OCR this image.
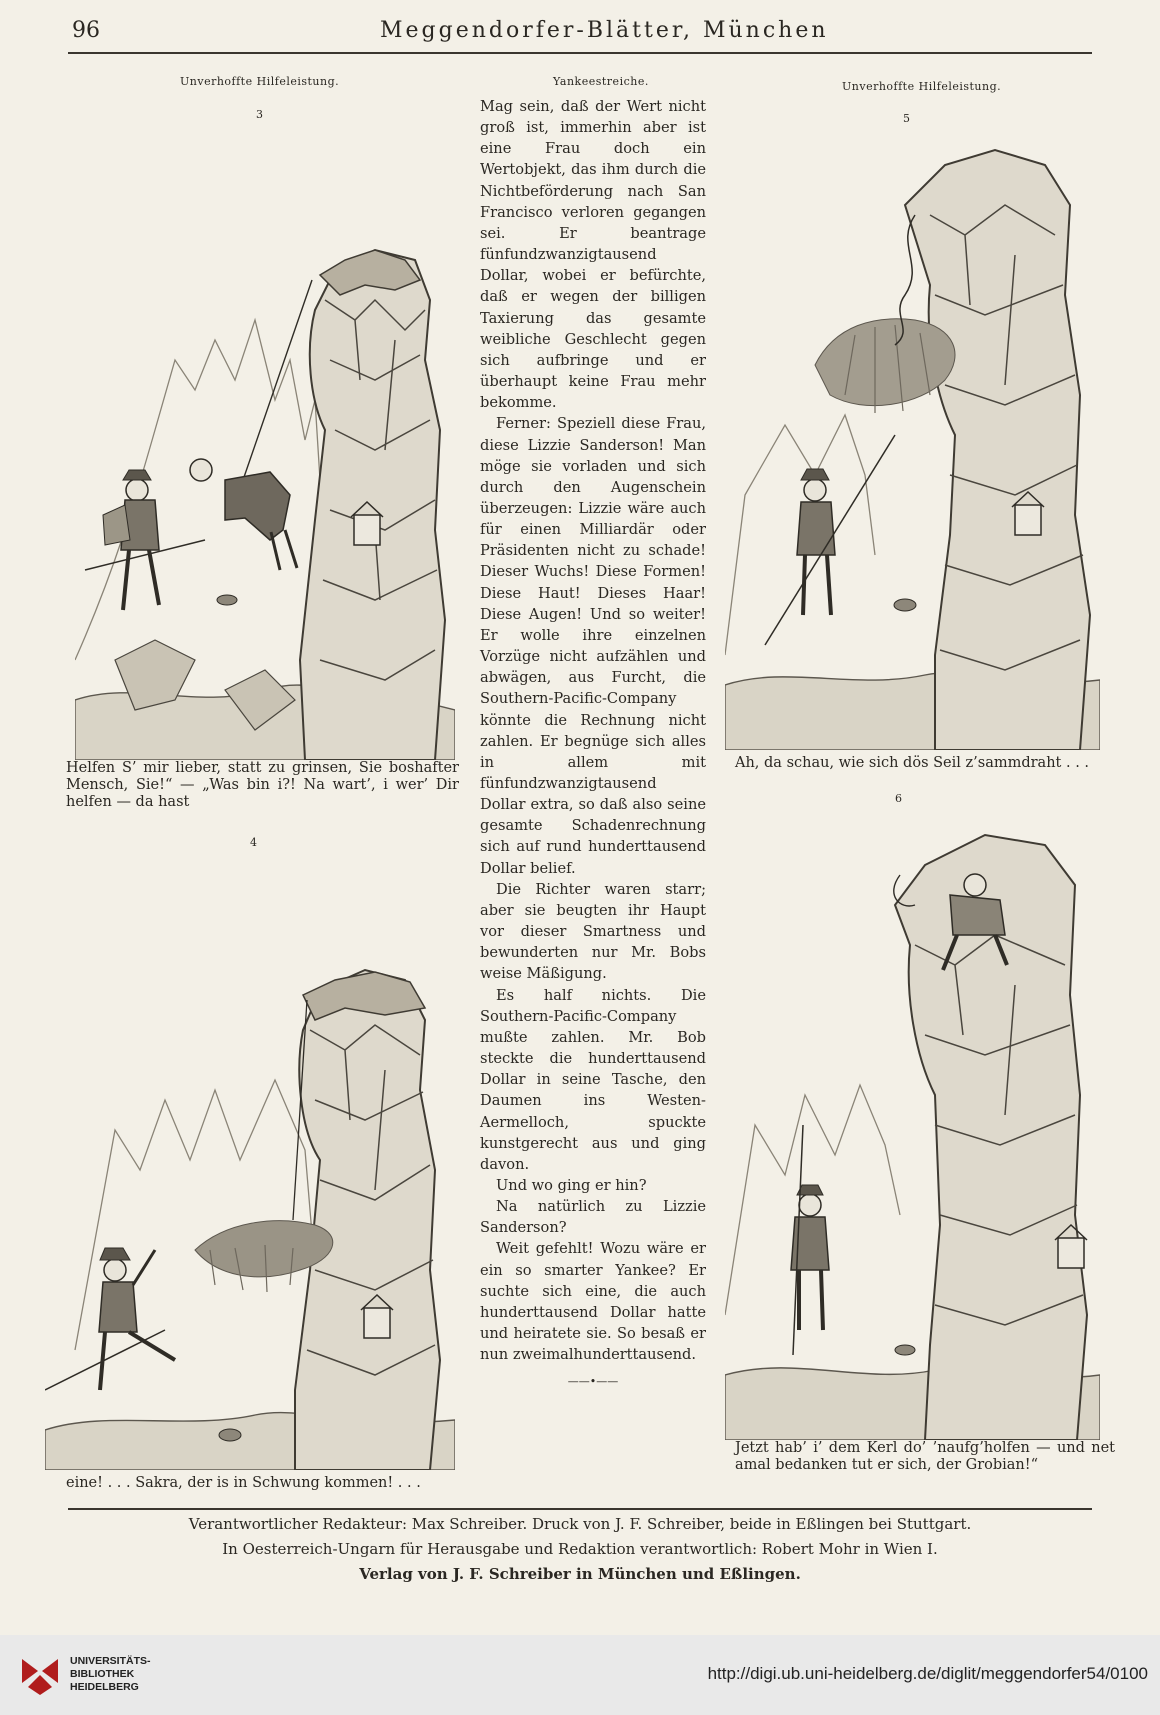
96	Meggendorfer-Blätter, München
Unverhoffte Hilfeleistung.	Yankeestreiche.	Unverhoffte Hilfeleistung.
3
Helfen S’ mir lieber, statt zu grinsen, Sie boshafter Mensch, Sie!“ — „Was bin i?! Na wart’, i wer’ Dir helfen — da hast
4
eine! . . . Sakra, der is in Schwung kommen! . . .

Mag sein, daß der Wert nicht groß ist, immerhin aber ist eine Frau doch ein Wertobjekt, das ihm durch die Nichtbeförderung nach San Francisco verloren gegangen sei. Er beantrage fünfundzwanzigtausend Dollar, wobei er befürchte, daß er wegen der billigen Taxierung das gesamte weibliche Geschlecht gegen sich aufbringe und er überhaupt keine Frau mehr bekomme.

Ferner: Speziell diese Frau, diese Lizzie Sanderson! Man möge sie vorladen und sich durch den Augenschein überzeugen: Lizzie wäre auch für einen Milliardär oder Präsidenten nicht zu schade! Dieser Wuchs! Diese Formen! Diese Haut! Dieses Haar! Diese Augen! Und so weiter! Er wolle ihre einzelnen Vorzüge nicht aufzählen und abwägen, aus Furcht, die Southern-Pacific-Company könnte die Rechnung nicht zahlen. Er begnüge sich alles in allem mit fünfundzwanzigtausend Dollar extra, so daß also seine gesamte Schadenrechnung sich auf rund hunderttausend Dollar belief.

Die Richter waren starr; aber sie beugten ihr Haupt vor dieser Smartness und bewunderten nur Mr. Bobs weise Mäßigung.

Es half nichts. Die Southern-Pacific-Company mußte zahlen. Mr. Bob steckte die hunderttausend Dollar in seine Tasche, den Daumen ins Westen-Aermelloch, spuckte kunstgerecht aus und ging davon.

Und wo ging er hin?

Na natürlich zu Lizzie Sanderson?

Weit gefehlt! Wozu wäre er ein so smarter Yankee? Er suchte sich eine, die auch hunderttausend Dollar hatte und heiratete sie. So besaß er nun zweimalhunderttausend.

——•——
5
Ah, da schau, wie sich dös Seil z’sammdraht . . .
6
Jetzt hab’ i’ dem Kerl do’ ’naufg’holfen — und net amal bedanken tut er sich, der Grobian!“
Verantwortlicher Redakteur: Max Schreiber. Druck von J. F. Schreiber, beide in Eßlingen bei Stuttgart.
In Oesterreich-Ungarn für Herausgabe und Redaktion verantwortlich: Robert Mohr in Wien I.
Verlag von J. F. Schreiber in München und Eßlingen.
UNIVERSITÄTS-
BIBLIOTHEK
HEIDELBERG
http://digi.ub.uni-heidelberg.de/diglit/meggendorfer54/0100
